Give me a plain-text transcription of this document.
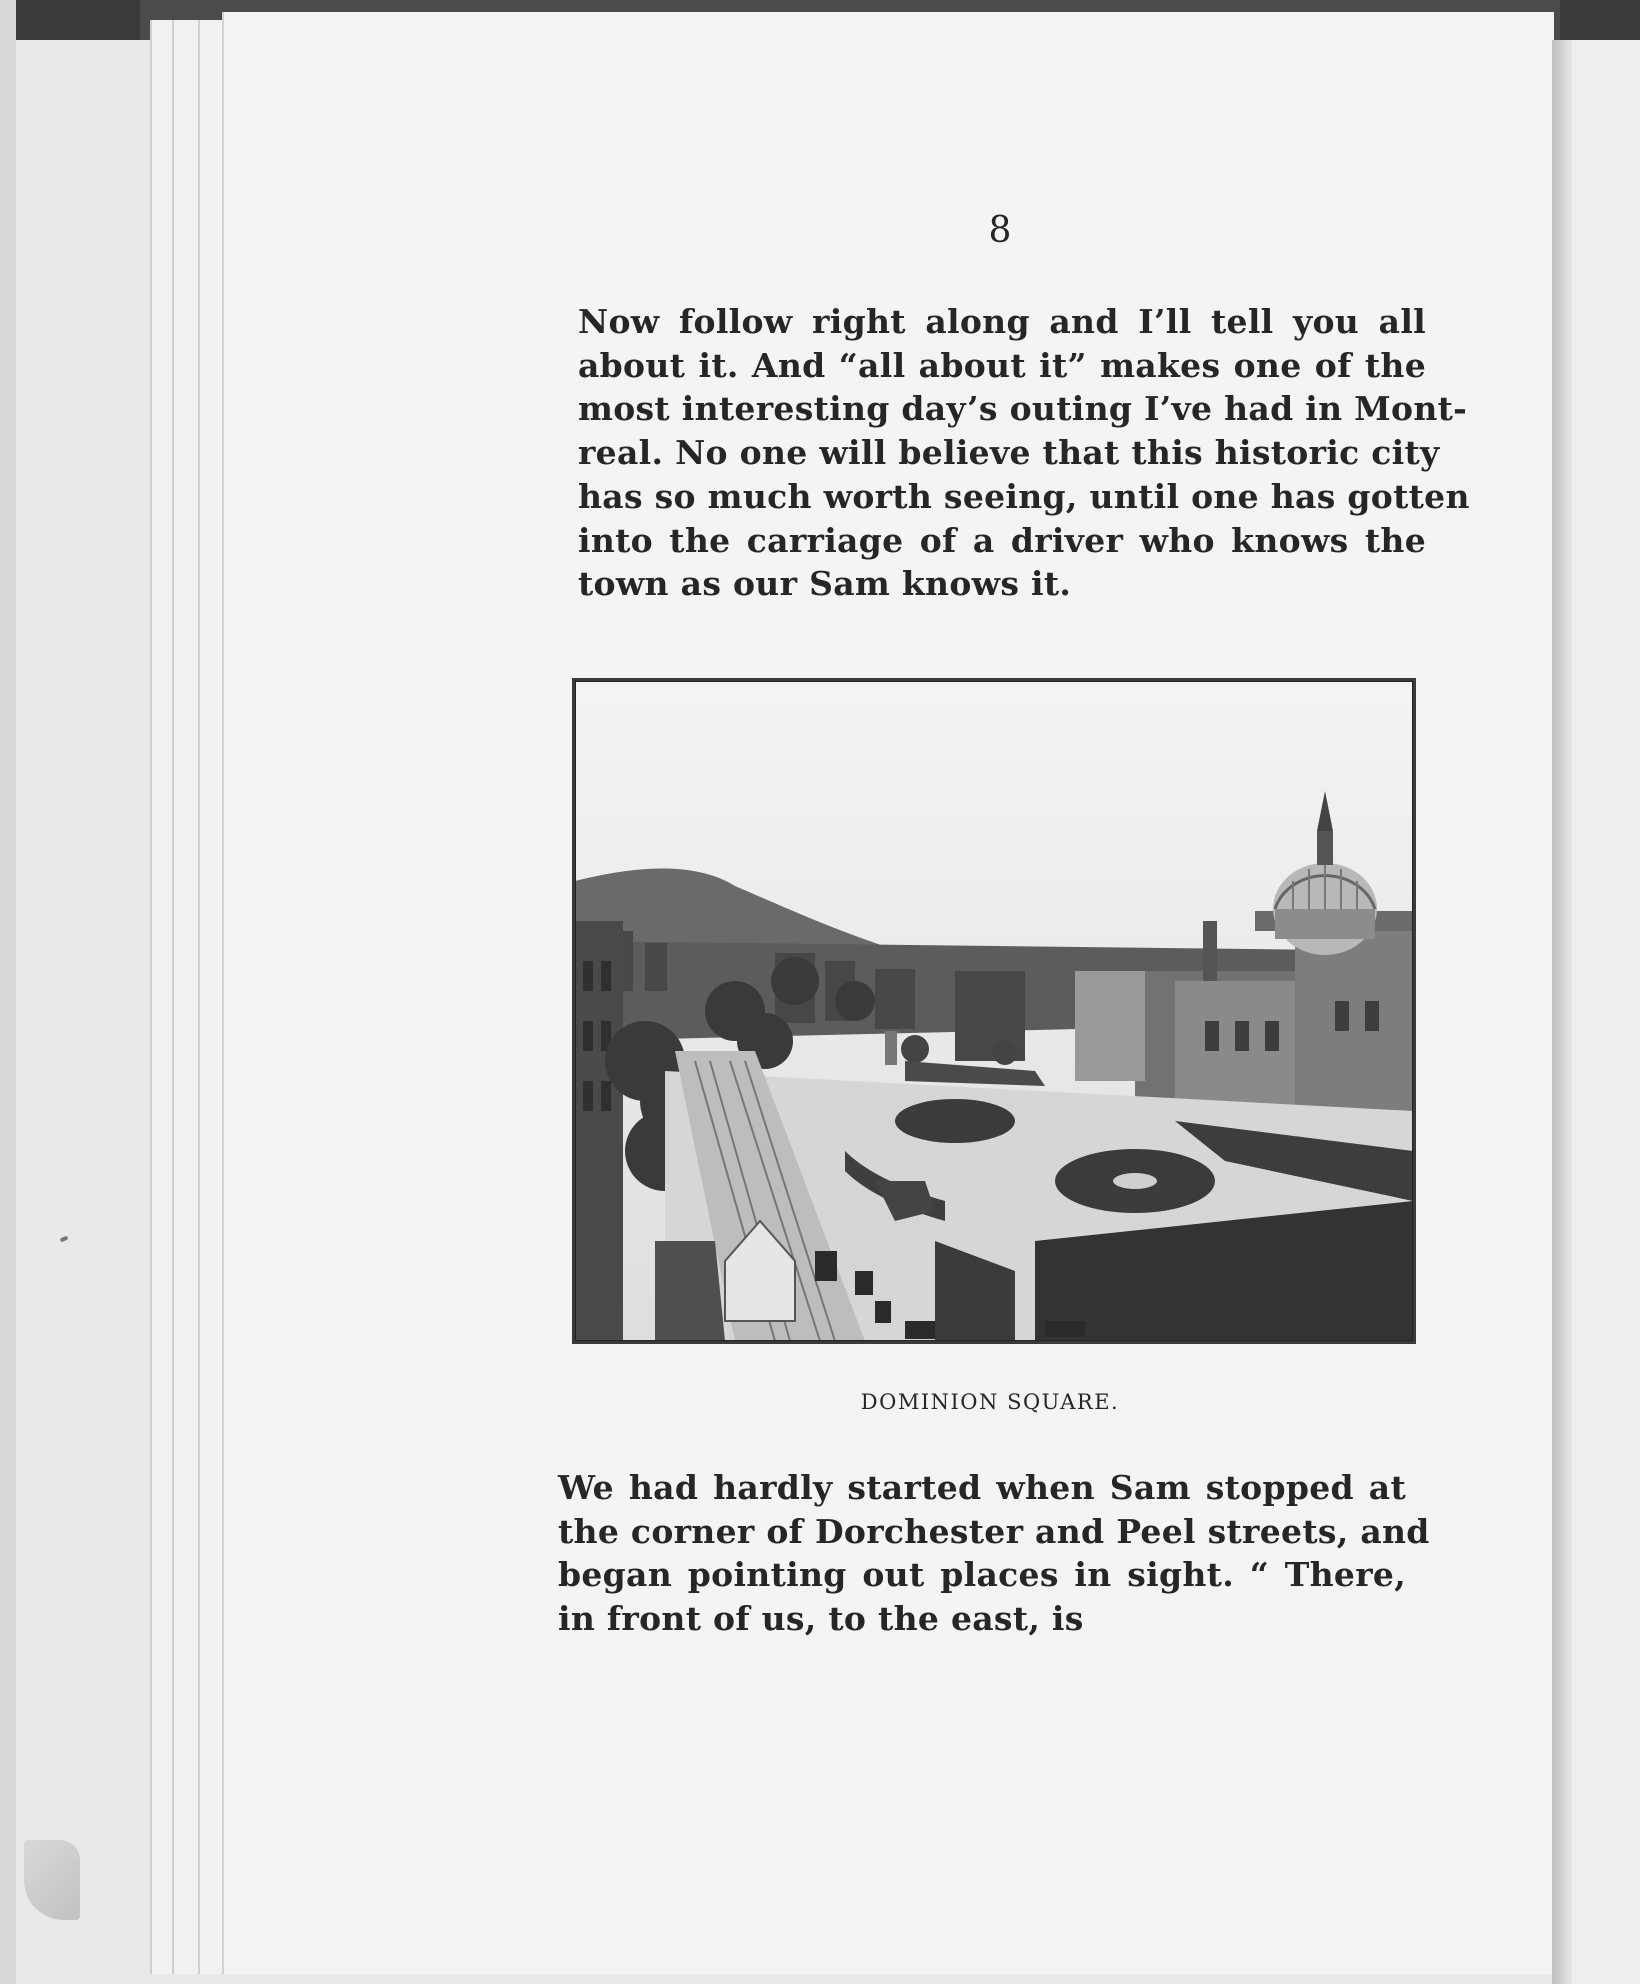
8

Now follow right along and I’ll tell you all
about it. And “all about it” makes one of the
most interesting day’s outing I’ve had in Mont-
real. No one will believe that this historic city
has so much worth seeing, until one has gotten
into the carriage of a driver who knows the
town as our Sam knows it.

DOMINION SQUARE.

We had hardly started when Sam stopped at
the corner of Dorchester and Peel streets, and
began pointing out places in sight. “ There,
in front of us, to the east, is
